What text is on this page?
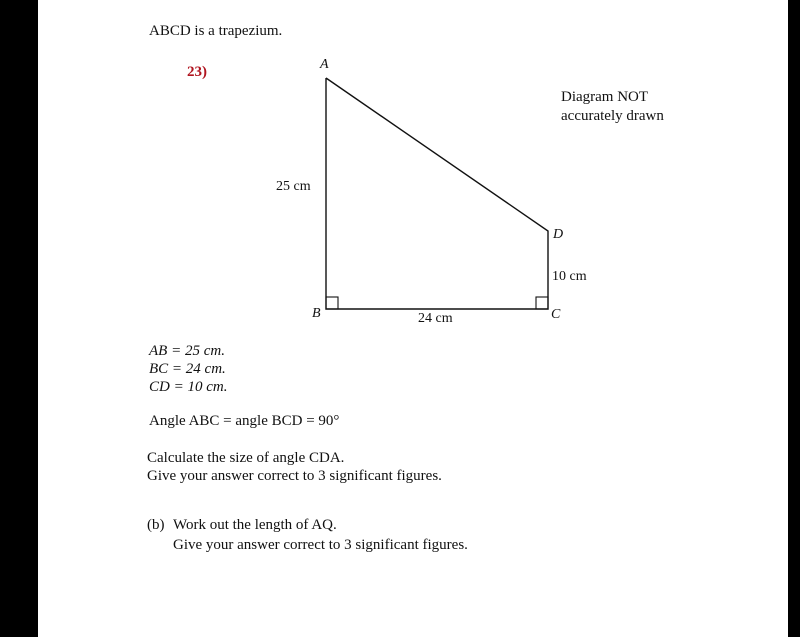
ABCD is a trapezium.
23)
Diagram NOT
accurately drawn
A
B	C
D
25 cm
24 cm
10 cm
AB = 25 cm.
BC = 24 cm.
CD = 10 cm.
Angle ABC = angle BCD = 90°
Calculate the size of angle CDA.
Give your answer correct to 3 significant figures.
(b) Work out the length of AQ.
Give your answer correct to 3 significant figures.
